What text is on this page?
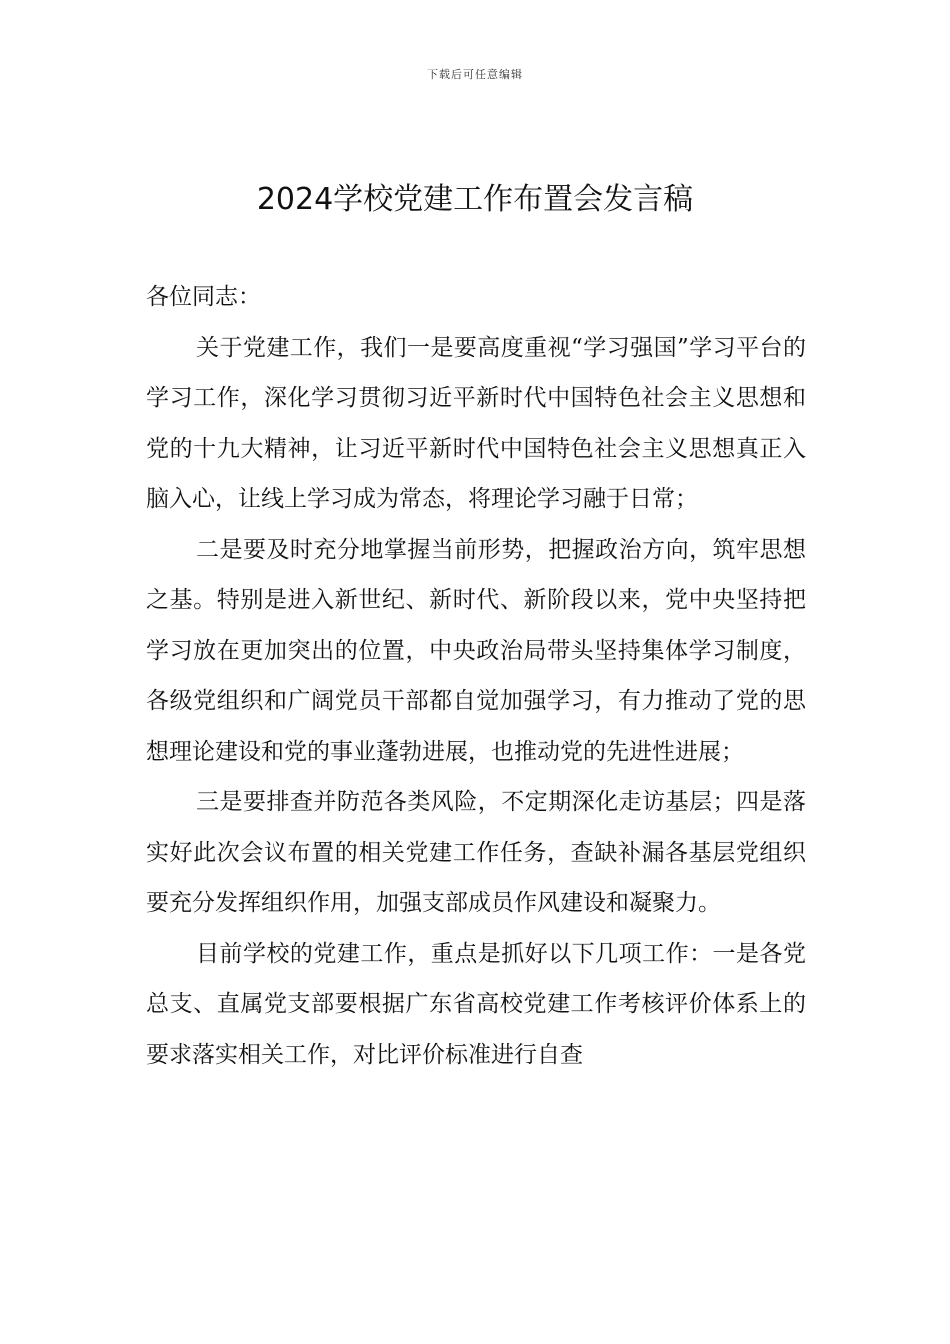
下载后可任意编辑
2024学校党建工作布置会发言稿

各位同志：

关于党建工作，我们一是要高度重视“学习强国”学习平台的学习工作，深化学习贯彻习近平新时代中国特色社会主义思想和党的十九大精神，让习近平新时代中国特色社会主义思想真正入脑入心，让线上学习成为常态，将理论学习融于日常；

二是要及时充分地掌握当前形势，把握政治方向，筑牢思想之基。特别是进入新世纪、新时代、新阶段以来，党中央坚持把学习放在更加突出的位置，中央政治局带头坚持集体学习制度，各级党组织和广阔党员干部都自觉加强学习，有力推动了党的思想理论建设和党的事业蓬勃进展，也推动党的先进性进展；

三是要排查并防范各类风险，不定期深化走访基层；四是落实好此次会议布置的相关党建工作任务，查缺补漏各基层党组织要充分发挥组织作用，加强支部成员作风建设和凝聚力。

目前学校的党建工作，重点是抓好以下几项工作：一是各党总支、直属党支部要根据广东省高校党建工作考核评价体系上的要求落实相关工作，对比评价标准进行自查
